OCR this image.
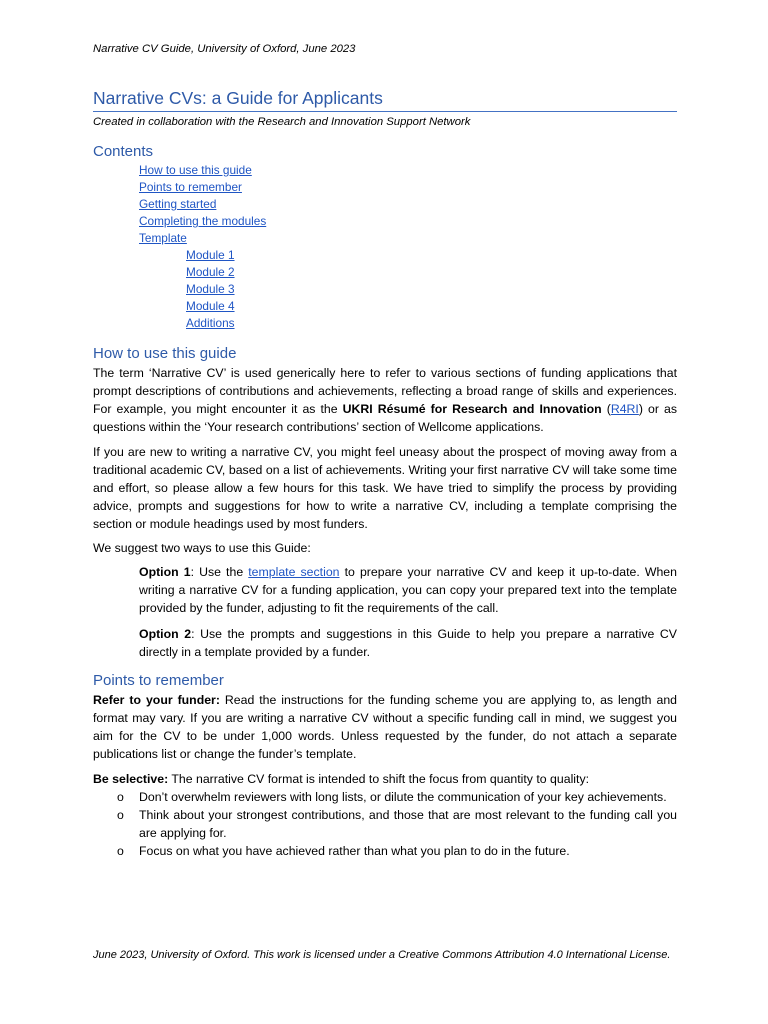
Narrative CV Guide, University of Oxford, June 2023
Narrative CVs: a Guide for Applicants
Created in collaboration with the Research and Innovation Support Network
Contents
How to use this guide
Points to remember
Getting started
Completing the modules
Template
Module 1
Module 2
Module 3
Module 4
Additions
How to use this guide
The term ‘Narrative CV’ is used generically here to refer to various sections of funding applications that prompt descriptions of contributions and achievements, reflecting a broad range of skills and experiences. For example, you might encounter it as the UKRI Résumé for Research and Innovation (R4RI) or as questions within the ‘Your research contributions’ section of Wellcome applications.
If you are new to writing a narrative CV, you might feel uneasy about the prospect of moving away from a traditional academic CV, based on a list of achievements. Writing your first narrative CV will take some time and effort, so please allow a few hours for this task. We have tried to simplify the process by providing advice, prompts and suggestions for how to write a narrative CV, including a template comprising the section or module headings used by most funders.
We suggest two ways to use this Guide:
Option 1: Use the template section to prepare your narrative CV and keep it up-to-date. When writing a narrative CV for a funding application, you can copy your prepared text into the template provided by the funder, adjusting to fit the requirements of the call.
Option 2: Use the prompts and suggestions in this Guide to help you prepare a narrative CV directly in a template provided by a funder.
Points to remember
Refer to your funder: Read the instructions for the funding scheme you are applying to, as length and format may vary. If you are writing a narrative CV without a specific funding call in mind, we suggest you aim for the CV to be under 1,000 words. Unless requested by the funder, do not attach a separate publications list or change the funder’s template.
Be selective: The narrative CV format is intended to shift the focus from quantity to quality:
o	Don’t overwhelm reviewers with long lists, or dilute the communication of your key achievements.
o	Think about your strongest contributions, and those that are most relevant to the funding call you are applying for.
o	Focus on what you have achieved rather than what you plan to do in the future.
June 2023, University of Oxford. This work is licensed under a Creative Commons Attribution 4.0 International License.
